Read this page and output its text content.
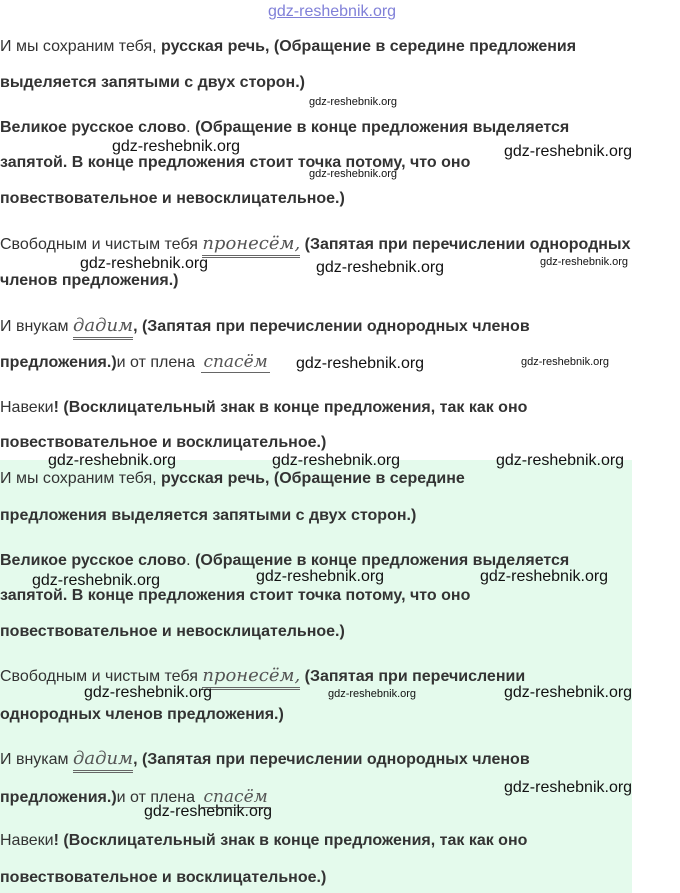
gdz-reshebnik.org

И мы сохраним тебя, русская речь, (Обращение в середине предложения

выделяется запятыми с двух сторон.)

Великое русское слово. (Обращение в конце предложения выделяется

запятой. В конце предложения стоит точка потому, что оно

повествовательное и невосклицательное.)

Свободным и чистым тебя пронесём, (Запятая при перечислении однородных

членов предложения.)

И внукам дадим, (Запятая при перечислении однородных членов

предложения.)и от плена спасём

Навеки! (Восклицательный знак в конце предложения, так как оно

повествовательное и восклицательное.)

И мы сохраним тебя, русская речь, (Обращение в середине

предложения выделяется запятыми с двух сторон.)

Великое русское слово. (Обращение в конце предложения выделяется

запятой. В конце предложения стоит точка потому, что оно

повествовательное и невосклицательное.)

Свободным и чистым тебя пронесём, (Запятая при перечислении

однородных членов предложения.)

И внукам дадим, (Запятая при перечислении однородных членов

предложения.)и от плена спасём

Навеки! (Восклицательный знак в конце предложения, так как оно

повествовательное и восклицательное.)

gdz-reshebnik.org
gdz-reshebnik.org	gdz-reshebnik.org
gdz-reshebnik.org
gdz-reshebnik.org	gdz-reshebnik.org	gdz-reshebnik.org
gdz-reshebnik.org	gdz-reshebnik.org
gdz-reshebnik.org	gdz-reshebnik.org	gdz-reshebnik.org
gdz-reshebnik.org	gdz-reshebnik.org	gdz-reshebnik.org
gdz-reshebnik.org	gdz-reshebnik.org	gdz-reshebnik.org
gdz-reshebnik.org
gdz-reshebnik.org
